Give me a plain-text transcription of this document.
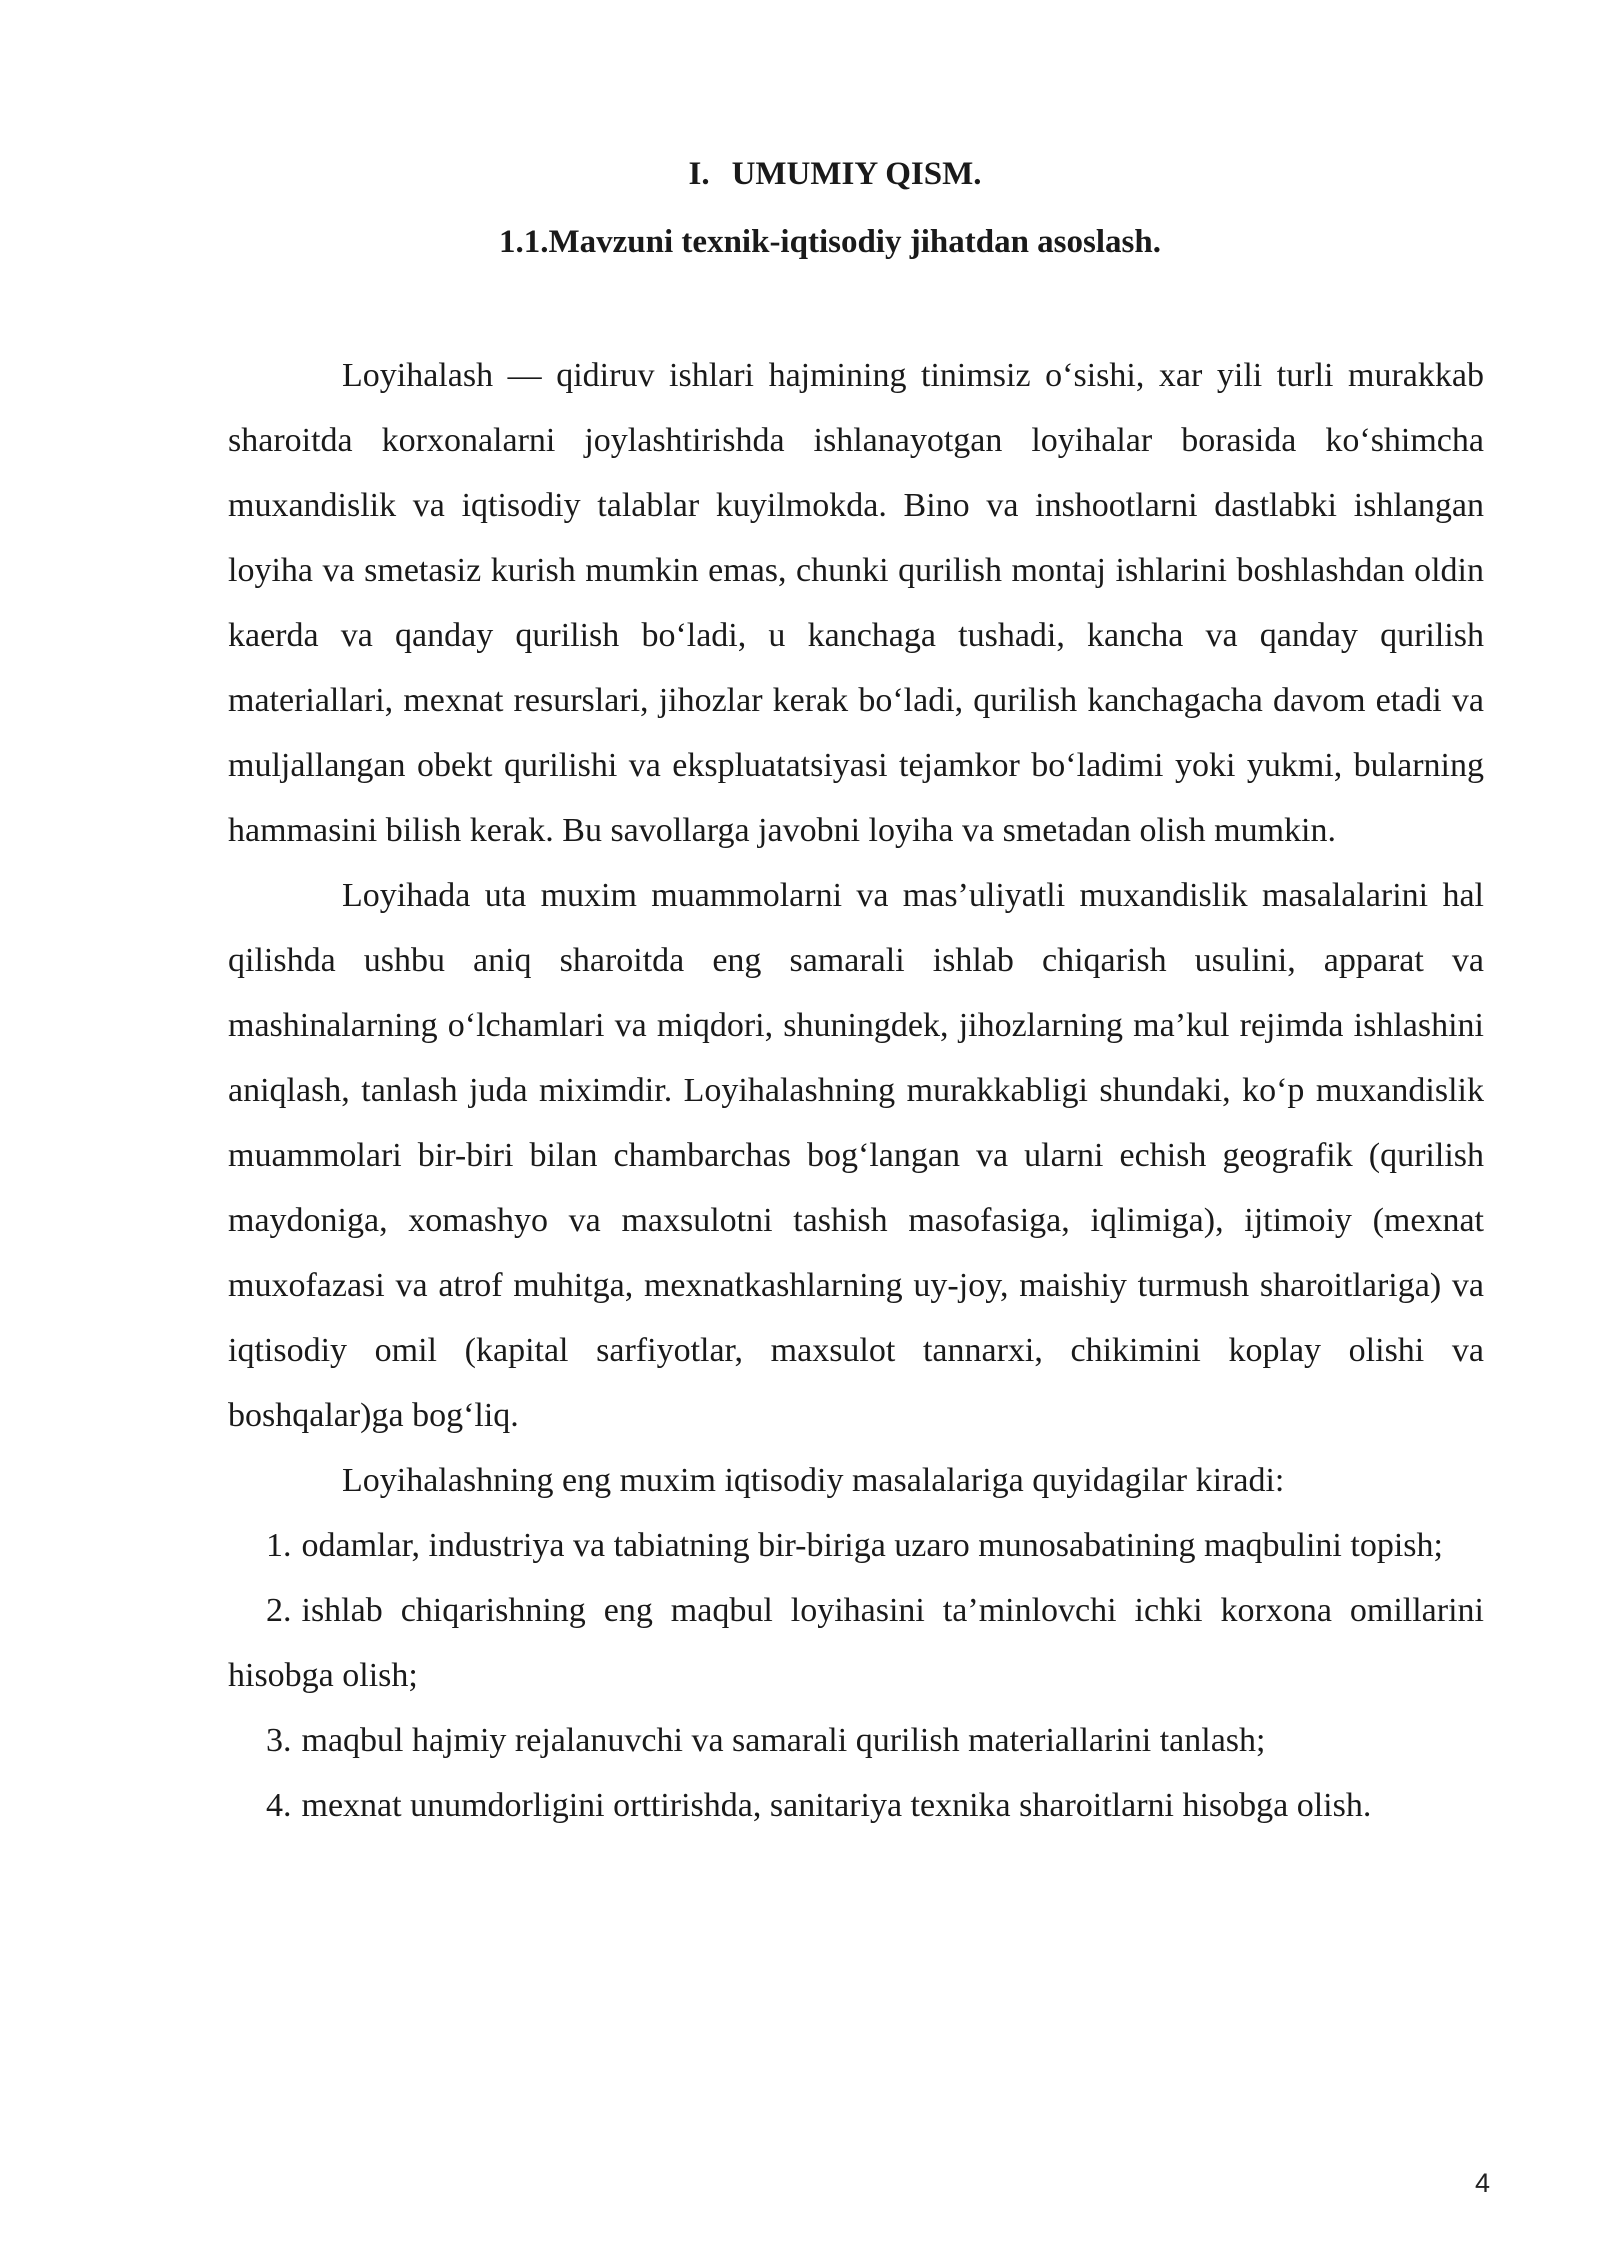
I. UMUMIY QISM.
1.1.Mavzuni texnik-iqtisodiy jihatdan asoslash.

Loyihalash — qidiruv ishlari hajmining tinimsiz o‘sishi, xar yili turli murakkab sharoitda korxonalarni joylashtirishda ishlanayotgan loyihalar borasida ko‘shimcha muxandislik va iqtisodiy talablar kuyilmokda. Bino va inshootlarni dastlabki ishlangan loyiha va smetasiz kurish mumkin emas, chunki qurilish montaj ishlarini boshlashdan oldin kaerda va qanday qurilish bo‘ladi, u kanchaga tushadi, kancha va qanday qurilish materiallari, mexnat resurslari, jihozlar kerak bo‘ladi, qurilish kanchagacha davom etadi va muljallangan obekt qurilishi va ekspluatatsiyasi tejamkor bo‘ladimi yoki yukmi, bularning hammasini bilish kerak. Bu savollarga javobni loyiha va smetadan olish mumkin.

Loyihada uta muxim muammolarni va mas’uliyatli muxandislik masalalarini hal qilishda ushbu aniq sharoitda eng samarali ishlab chiqarish usulini, apparat va mashinalarning o‘lchamlari va miqdori, shuningdek, jihozlarning ma’kul rejimda ishlashini aniqlash, tanlash juda miximdir. Loyihalashning murakkabligi shundaki, ko‘p muxandislik muammolari bir-biri bilan chambarchas bog‘langan va ularni echish geografik (qurilish maydoniga, xomashyo va maxsulotni tashish masofasiga, iqlimiga), ijtimoiy (mexnat muxofazasi va atrof muhitga, mexnatkashlarning uy-joy, maishiy turmush sharoitlariga) va iqtisodiy omil (kapital sarfiyotlar, maxsulot tannarxi, chikimini koplay olishi va boshqalar)ga bog‘liq.

Loyihalashning eng muxim iqtisodiy masalalariga quyidagilar kiradi:

1. odamlar, industriya va tabiatning bir-biriga uzaro munosabatining maqbulini topish;

2. ishlab chiqarishning eng maqbul loyihasini ta’minlovchi ichki korxona omillarini hisobga olish;

3. maqbul hajmiy rejalanuvchi va samarali qurilish materiallarini tanlash;

4. mexnat unumdorligini orttirishda, sanitariya texnika sharoitlarni hisobga olish.

4
